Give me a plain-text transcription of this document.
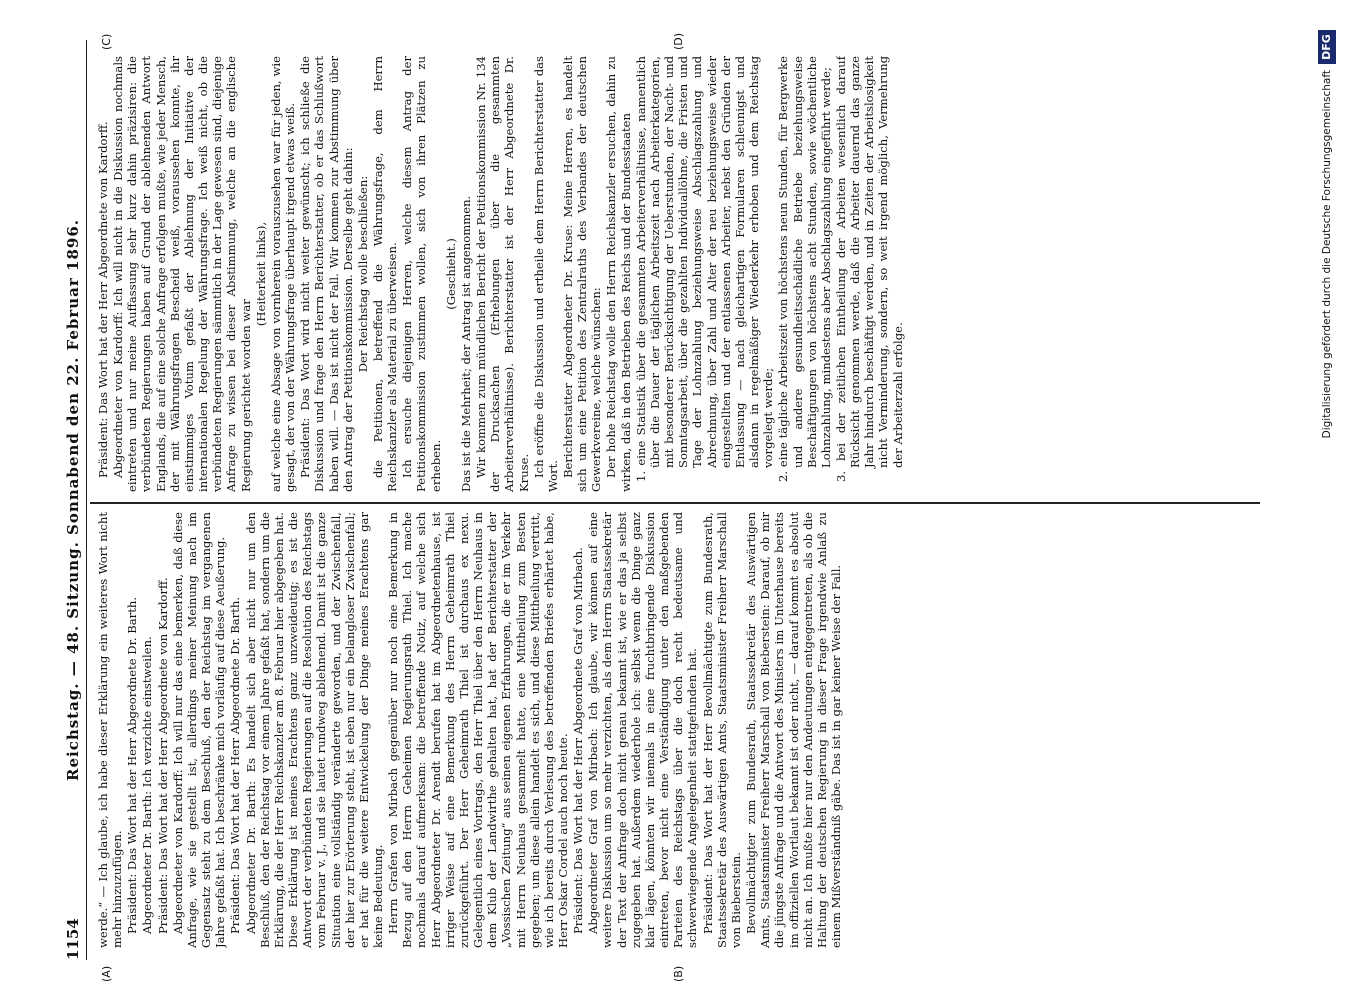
1154
Reichstag. — 48. Sitzung. Sonnabend den 22. Februar 1896.
(A)	(B)
(C)	(D)

werde.“ — Ich glaube, ich habe dieser Erklärung ein weiteres Wort nicht mehr hinzuzufügen. Präsident: Das Wort hat der Herr Abgeordnete Dr. Barth. Abgeordneter Dr. Barth: Ich verzichte einstweilen. Präsident: Das Wort hat der Herr Abgeordnete von Kardorff. Abgeordneter von Kardorff: Ich will nur das eine bemerken, daß diese Anfrage, wie sie gestellt ist, allerdings meiner Meinung nach im Gegensatz steht zu dem Beschluß, den der Reichstag im vergangenen Jahre gefaßt hat. Ich beschränke mich vorläufig auf diese Aeußerung. Präsident: Das Wort hat der Herr Abgeordnete Dr. Barth. Abgeordneter Dr. Barth: Es handelt sich aber nicht nur um den Beschluß, den der Reichstag vor einem Jahre gefaßt hat, sondern um die Erklärung, die der Herr Reichskanzler am 8. Februar hier abgegeben hat. Diese Erklärung ist meines Erachtens ganz unzweideutig; es ist die Antwort der verbündeten Regierungen auf die Resolution des Reichstags vom Februar v. J., und sie lautet rundweg ablehnend. Damit ist die ganze Situation eine vollständig veränderte geworden, und der Zwischenfall, der hier zur Erörterung steht, ist eben nur ein belangloser Zwischenfall; er hat für die weitere Entwickelung der Dinge meines Erachtens gar keine Bedeutung. Herrn Grafen von Mirbach gegenüber nur noch eine Bemerkung in Bezug auf den Herrn Geheimen Regierungsrath Thiel. Ich mache nochmals darauf aufmerksam: die betreffende Notiz, auf welche sich Herr Abgeordneter Dr. Arendt berufen hat im Abgeordnetenhause, ist irriger Weise auf eine Bemerkung des Herrn Geheimrath Thiel zurückgeführt. Der Herr Geheimrath Thiel ist durchaus ex nexu. Gelegentlich eines Vortrags, den Herr Thiel über den Herrn Neuhaus in dem Klub der Landwirthe gehalten hat, hat der Berichterstatter der „Vossischen Zeitung“ aus seinen eigenen Erfahrungen, die er im Verkehr mit Herrn Neuhaus gesammelt hatte, eine Mittheilung zum Besten gegeben; um diese allein handelt es sich, und diese Mittheilung vertritt, wie ich bereits durch Verlesung des betreffenden Briefes erhärtet habe, Herr Oskar Cordel auch noch heute. Präsident: Das Wort hat der Herr Abgeordnete Graf von Mirbach. Abgeordneter Graf von Mirbach: Ich glaube, wir können auf eine weitere Diskussion um so mehr verzichten, als dem Herrn Staatssekretär der Text der Anfrage doch nicht genau bekannt ist, wie er das ja selbst zugegeben hat. Außerdem wiederhole ich: selbst wenn die Dinge ganz klar lägen, könnten wir niemals in eine fruchtbringende Diskussion eintreten, bevor nicht eine Verständigung unter den maßgebenden Parteien des Reichstags über die doch recht bedeutsame und schwerwiegende Angelegenheit stattgefunden hat. Präsident: Das Wort hat der Herr Bevollmächtigte zum Bundesrath, Staatssekretär des Auswärtigen Amts, Staatsminister Freiherr Marschall von Bieberstein. Bevollmächtigter zum Bundesrath, Staatssekretär des Auswärtigen Amts, Staatsminister Freiherr Marschall von Bieberstein: Darauf, ob mir die jüngste Anfrage und die Antwort des Ministers im Unterhause bereits im offiziellen Wortlaut bekannt ist oder nicht, — darauf kommt es absolut nicht an. Ich mußte hier nur den Andeutungen entgegentreten, als ob die Haltung der deutschen Regierung in dieser Frage irgendwie Anlaß zu einem Mißverständniß gäbe. Das ist in gar keiner Weise der Fall.

Präsident: Das Wort hat der Herr Abgeordnete von Kardorff. Abgeordneter von Kardorff: Ich will nicht in die Diskussion nochmals eintreten und nur meine Auffassung sehr kurz dahin präzisiren: die verbündeten Regierungen haben auf Grund der ablehnenden Antwort Englands, die auf eine solche Anfrage erfolgen mußte, wie jeder Mensch, der mit Währungsfragen Bescheid weiß, voraussehen konnte, ihr einstimmiges Votum gefaßt der Ablehnung der Initiative der internationalen Regelung der Währungsfrage. Ich weiß nicht, ob die verbündeten Regierungen sämmtlich in der Lage gewesen sind, diejenige Anfrage zu wissen bei dieser Abstimmung, welche an die englische Regierung gerichtet worden war

(Heiterkeit links), auf welche eine Absage von vornherein vorauszusehen war für jeden, wie gesagt, der von der Währungsfrage überhaupt irgend etwas weiß. Präsident: Das Wort wird nicht weiter gewünscht; ich schließe die Diskussion und frage den Herrn Berichterstatter, ob er das Schlußwort haben will. — Das ist nicht der Fall. Wir kommen zur Abstimmung über den Antrag der Petitionskommission. Derselbe geht dahin: Der Reichstag wolle beschließen: die Petitionen, betreffend die Währungsfrage, dem Herrn Reichskanzler als Material zu überweisen. Ich ersuche diejenigen Herren, welche diesem Antrag der Petitionskommission zustimmen wollen, sich von ihren Plätzen zu erheben.

(Geschieht.) Das ist die Mehrheit; der Antrag ist angenommen. Wir kommen zum mündlichen Bericht der Petitionskommission Nr. 134 der Drucksachen (Erhebungen über die gesammten Arbeiterverhältnisse). Berichterstatter ist der Herr Abgeordnete Dr. Kruse. Ich eröffne die Diskussion und ertheile dem Herrn Berichterstatter das Wort. Berichterstatter Abgeordneter Dr. Kruse: Meine Herren, es handelt sich um eine Petition des Zentralraths des Verbandes der deutschen Gewerkvereine, welche wünschen: Der hohe Reichstag wolle den Herrn Reichskanzler ersuchen, dahin zu wirken, daß in den Betrieben des Reichs und der Bundesstaaten 1. eine Statistik über die gesammten Arbeiterverhältnisse, namentlich über die Dauer der täglichen Arbeitszeit nach Arbeiterkategorien, mit besonderer Berücksichtigung der Ueberstunden, der Nacht- und Sonntagsarbeit, über die gezahlten Individuallöhne, die Fristen und Tage der Lohnzahlung beziehungsweise Abschlagszahlung und Abrechnung, über Zahl und Alter der neu beziehungsweise wieder eingestellten und der entlassenen Arbeiter, nebst den Gründen der Entlassung — nach gleichartigen Formularen schleunigst und alsdann in regelmäßiger Wiederkehr erhoben und dem Reichstag vorgelegt werde; 2. eine tägliche Arbeitszeit von höchstens neun Stunden, für Bergwerke und andere gesundheitsschädliche Betriebe beziehungsweise Beschäftigungen von höchstens acht Stunden, sowie wöchentliche Lohnzahlung, mindestens aber Abschlagszahlung eingeführt werde; 3. bei der zeitlichen Eintheilung der Arbeiten wesentlich darauf Rücksicht genommen werde, daß die Arbeiter dauernd das ganze Jahr hindurch beschäftigt werden, und in Zeiten der Arbeitslosigkeit nicht Verminderung, sondern, so weit irgend möglich, Vermehrung der Arbeiterzahl erfolge.	Digitalisierung gefördert durch die Deutsche Forschungsgemeinschaft
DFG
